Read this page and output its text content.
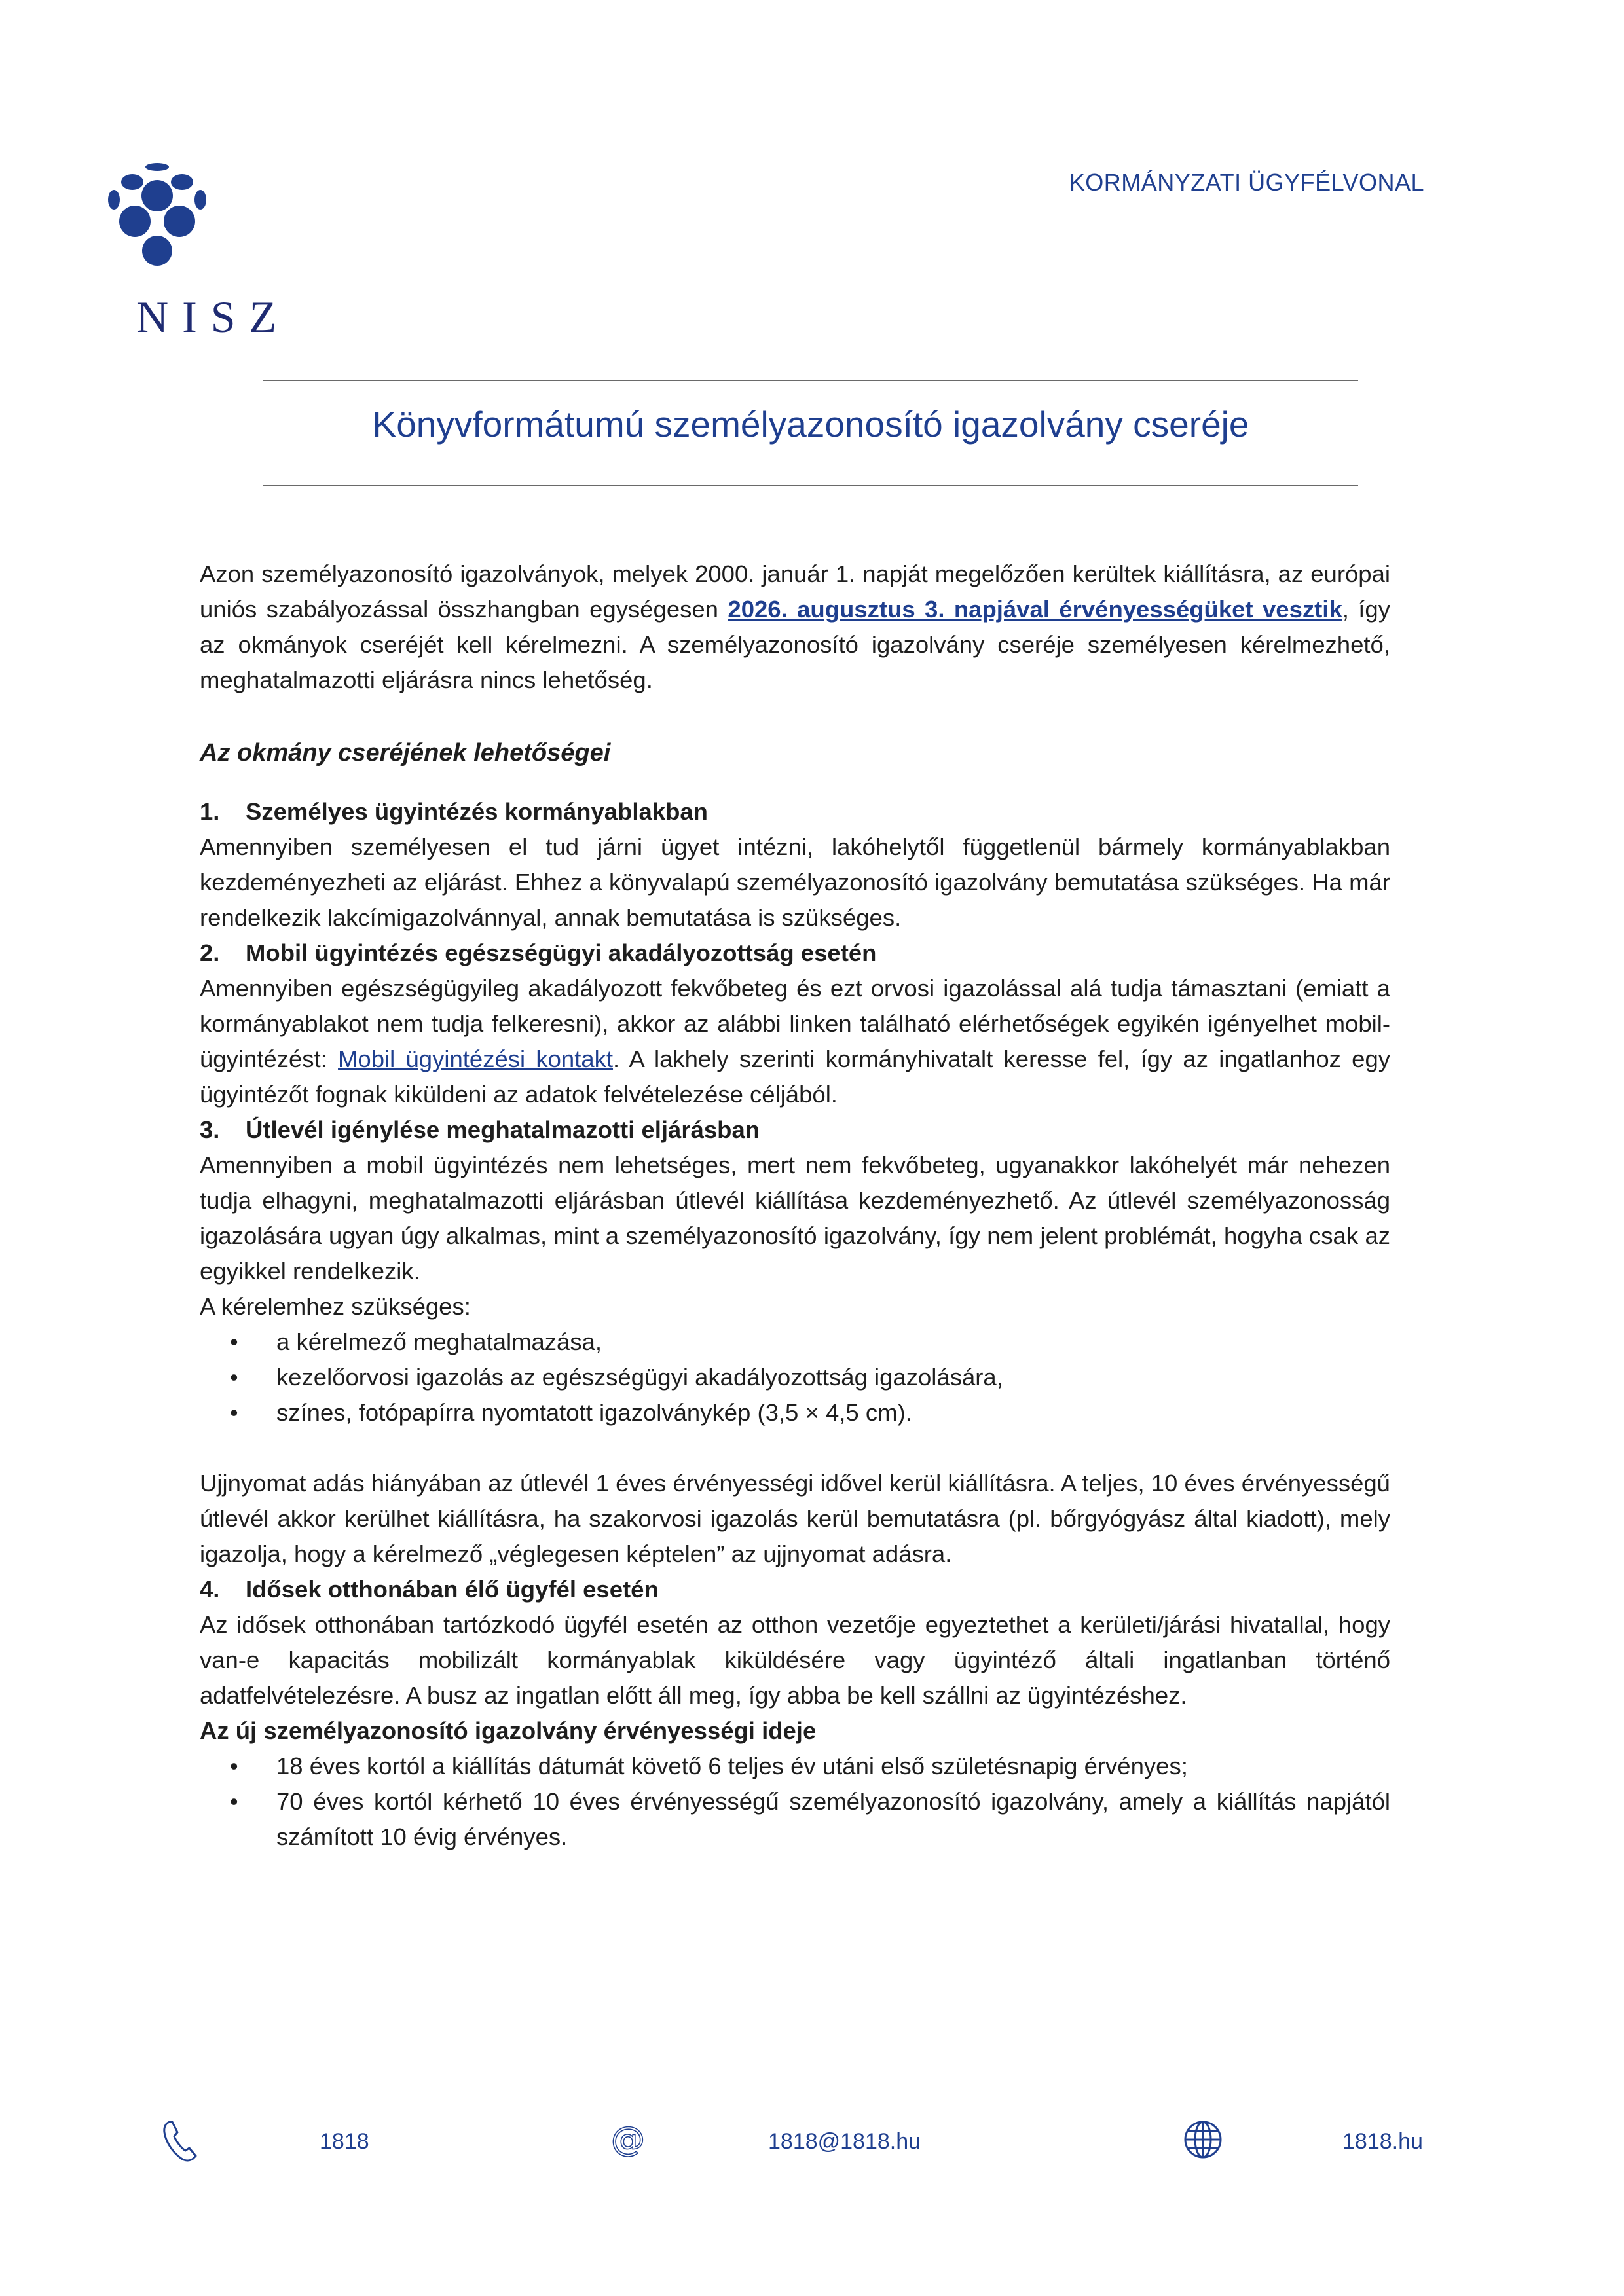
NISZ
KORMÁNYZATI ÜGYFÉLVONAL
Könyvformátumú személyazonosító igazolvány cseréje

Azon személyazonosító igazolványok, melyek 2000. január 1. napját megelőzően kerültek kiállításra, az európai uniós szabályozással összhangban egységesen 2026. augusztus 3. napjával érvényességüket vesztik, így az okmányok cseréjét kell kérelmezni. A személyazonosító igazolvány cseréje személyesen kérelmezhető, meghatalmazotti eljárásra nincs lehetőség.

Az okmány cseréjének lehetőségei

1. Személyes ügyintézés kormányablakban

Amennyiben személyesen el tud járni ügyet intézni, lakóhelytől függetlenül bármely kormányablakban kezdeményezheti az eljárást. Ehhez a könyvalapú személyazonosító igazolvány bemutatása szükséges. Ha már rendelkezik lakcímigazolvánnyal, annak bemutatása is szükséges.

2. Mobil ügyintézés egészségügyi akadályozottság esetén

Amennyiben egészségügyileg akadályozott fekvőbeteg és ezt orvosi igazolással alá tudja támasztani (emiatt a kormányablakot nem tudja felkeresni), akkor az alábbi linken található elérhetőségek egyikén igényelhet mobil-ügyintézést: Mobil ügyintézési kontakt. A lakhely szerinti kormányhivatalt keresse fel, így az ingatlanhoz egy ügyintézőt fognak kiküldeni az adatok felvételezése céljából.

3. Útlevél igénylése meghatalmazotti eljárásban

Amennyiben a mobil ügyintézés nem lehetséges, mert nem fekvőbeteg, ugyanakkor lakóhelyét már nehezen tudja elhagyni, meghatalmazotti eljárásban útlevél kiállítása kezdeményezhető. Az útlevél személyazonosság igazolására ugyan úgy alkalmas, mint a személyazonosító igazolvány, így nem jelent problémát, hogyha csak az egyikkel rendelkezik.

A kérelemhez szükséges:

• a kérelmező meghatalmazása,
• kezelőorvosi igazolás az egészségügyi akadályozottság igazolására,
• színes, fotópapírra nyomtatott igazolványkép (3,5 × 4,5 cm).

Ujjnyomat adás hiányában az útlevél 1 éves érvényességi idővel kerül kiállításra. A teljes, 10 éves érvényességű útlevél akkor kerülhet kiállításra, ha szakorvosi igazolás kerül bemutatásra (pl. bőrgyógyász által kiadott), mely igazolja, hogy a kérelmező „véglegesen képtelen” az ujjnyomat adásra.

4. Idősek otthonában élő ügyfél esetén

Az idősek otthonában tartózkodó ügyfél esetén az otthon vezetője egyeztethet a kerületi/járási hivatallal, hogy van-e kapacitás mobilizált kormányablak kiküldésére vagy ügyintéző általi ingatlanban történő adatfelvételezésre. A busz az ingatlan előtt áll meg, így abba be kell szállni az ügyintézéshez.

Az új személyazonosító igazolvány érvényességi ideje

• 18 éves kortól a kiállítás dátumát követő 6 teljes év utáni első születésnapig érvényes;
• 70 éves kortól kérhető 10 éves érvényességű személyazonosító igazolvány, amely a kiállítás napjától számított 10 évig érvényes.
1818	@	1818@1818.hu	1818.hu
